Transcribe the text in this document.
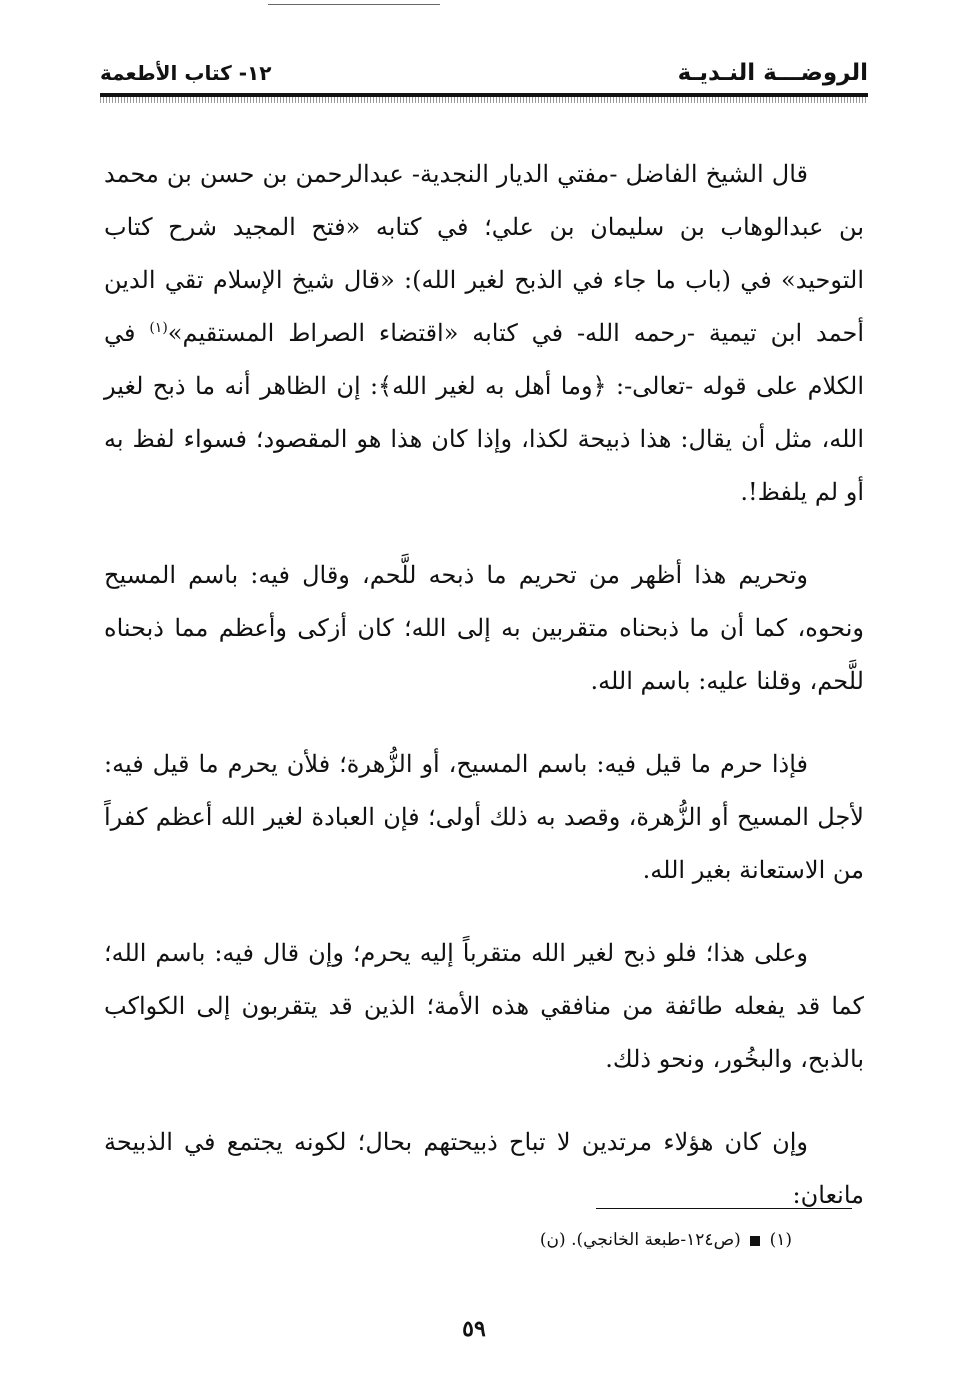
الروضـــة النـديـة
١٢- كتاب الأطعمة

قال الشيخ الفاضل -مفتي الديار النجدية- عبدالرحمن بن حسن بن محمد بن عبدالوهاب بن سليمان بن علي؛ في كتابه «فتح المجيد شرح كتاب التوحيد» في (باب ما جاء في الذبح لغير الله): «قال شيخ الإسلام تقي الدين أحمد ابن تيمية -رحمه الله- في كتابه «اقتضاء الصراط المستقيم»$^{(١)}$ في الكلام على قوله -تعالى-: ﴿وما أهل به لغير الله﴾: إن الظاهر أنه ما ذبح لغير الله، مثل أن يقال: هذا ذبيحة لكذا، وإذا كان هذا هو المقصود؛ فسواء لفظ به أو لم يلفظ!.

وتحريم هذا أظهر من تحريم ما ذبحه للَّحم، وقال فيه: باسم المسيح ونحوه، كما أن ما ذبحناه متقربين به إلى الله؛ كان أزكى وأعظم مما ذبحناه للَّحم، وقلنا عليه: باسم الله.

فإذا حرم ما قيل فيه: باسم المسيح، أو الزُّهرة؛ فلأن يحرم ما قيل فيه: لأجل المسيح أو الزُّهرة، وقصد به ذلك أولى؛ فإن العبادة لغير الله أعظم كفراً من الاستعانة بغير الله.

وعلى هذا؛ فلو ذبح لغير الله متقرباً إليه يحرم؛ وإن قال فيه: باسم الله؛ كما قد يفعله طائفة من منافقي هذه الأمة؛ الذين قد يتقربون إلى الكواكب بالذبح، والبخُور، ونحو ذلك.

وإن كان هؤلاء مرتدين لا تباح ذبيحتهم بحال؛ لكونه يجتمع في الذبيحة مانعان:

(١)  (ص١٢٤-طبعة الخانجي). (ن)
٥٩
